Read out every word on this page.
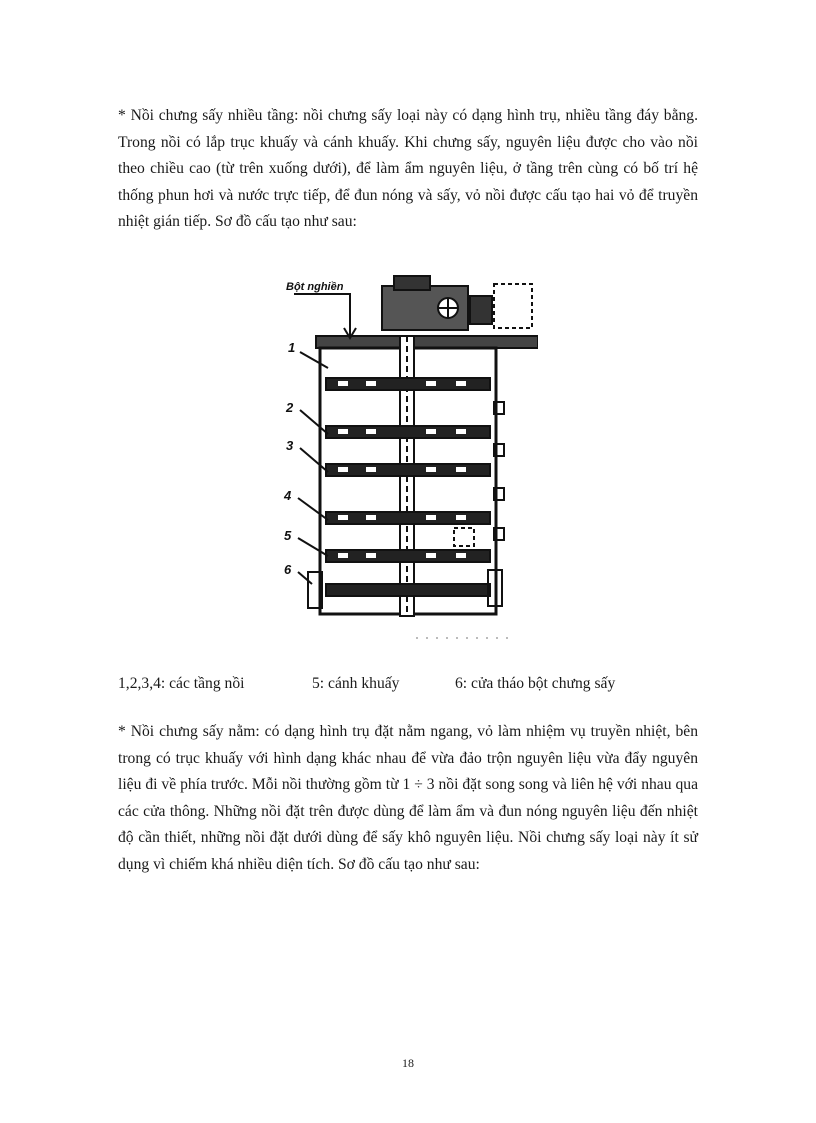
* Nồi chưng sấy nhiều tầng: nồi chưng sấy loại này có dạng hình trụ, nhiều tầng đáy bằng. Trong nồi có lắp trục khuấy và cánh khuấy. Khi chưng sấy, nguyên liệu được cho vào nồi theo chiều cao (từ trên xuống dưới), để làm ẩm nguyên liệu, ở tầng trên cùng có bố trí hệ thống phun hơi và nước trực tiếp, để đun nóng và sấy, vỏ nồi được cấu tạo hai vỏ để truyền nhiệt gián tiếp. Sơ đồ cấu tạo như sau:

Bột nghiền
1
2
3
4
5
6
1,2,3,4: các tầng nồi	5: cánh khuấy	6: cửa tháo bột chưng sấy

* Nồi chưng sấy nằm: có dạng hình trụ đặt nằm ngang, vỏ làm nhiệm vụ truyền nhiệt, bên trong có trục khuấy với hình dạng khác nhau để vừa đảo trộn nguyên liệu vừa đẩy nguyên liệu đi về phía trước. Mỗi nồi thường gồm từ 1 ÷ 3 nồi đặt song song và liên hệ với nhau qua các cửa thông. Những nồi đặt trên được dùng để làm ẩm và đun nóng nguyên liệu đến nhiệt độ cần thiết, những nồi đặt dưới dùng để sấy khô nguyên liệu. Nồi chưng sấy loại này ít sử dụng vì chiếm khá nhiều diện tích. Sơ đồ cấu tạo như sau:

18
